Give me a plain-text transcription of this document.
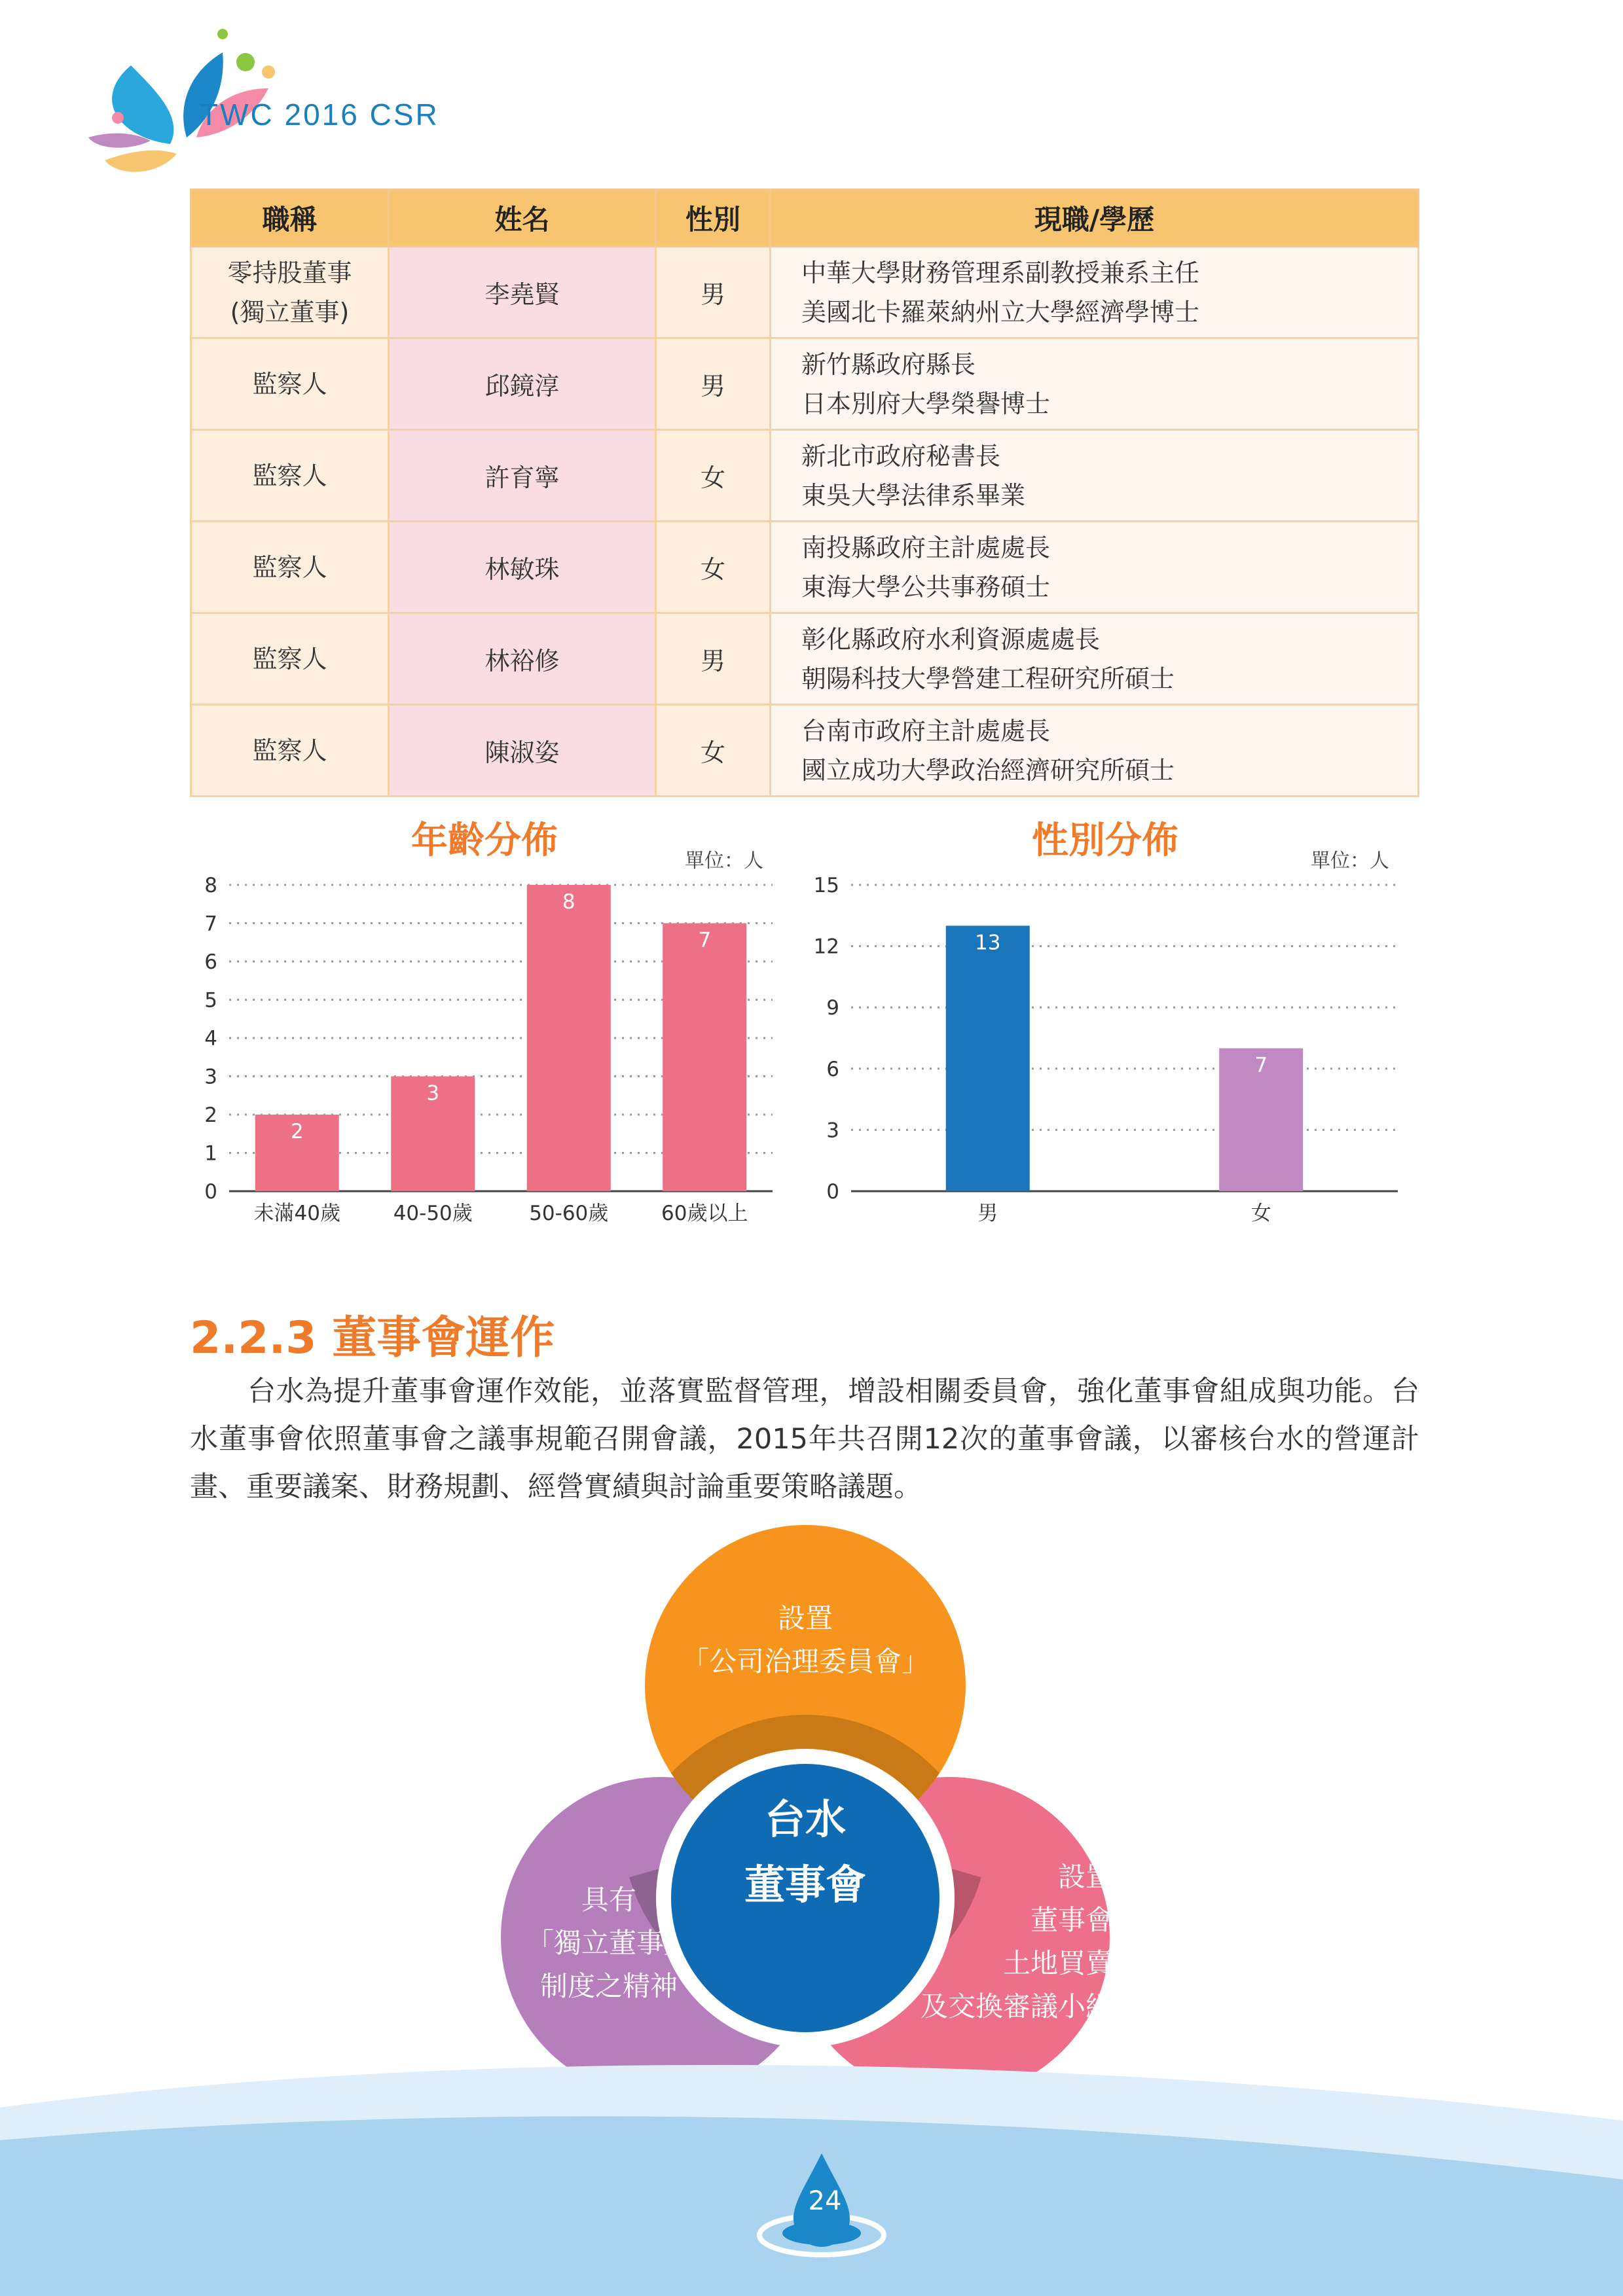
TWC 2016 CSR
職稱	姓名	性別	現職/學歷
零持股董事
(獨立董事)	李堯賢	男	中華大學財務管理系副教授兼系主任
美國北卡羅萊納州立大學經濟學博士
監察人	邱鏡淳	男	新竹縣政府縣長
日本別府大學榮譽博士
監察人	許育寧	女	新北市政府秘書長
東吳大學法律系畢業
監察人	林敏珠	女	南投縣政府主計處處長
東海大學公共事務碩士
監察人	林裕修	男	彰化縣政府水利資源處處長
朝陽科技大學營建工程研究所碩士
監察人	陳淑姿	女	台南市政府主計處處長
國立成功大學政治經濟研究所碩士
年齡分佈	單位：人
0
1
2
3
4
5
6
7
8
2
未滿40歲
3
40-50歲
8
50-60歲
7
60歲以上
性別分佈	單位：人
0
3
6
9
12
15
13
男
7
女
2.2.3 董事會運作
台水為提升董事會運作效能，並落實監督管理，增設相關委員會，強化董事會組成與功能。台水董事會依照董事會之議事規範召開會議，2015年共召開12次的董事會議，以審核台水的營運計畫、重要議案、財務規劃、經營實績與討論重要策略議題。
台水
董事會
設置
「公司治理委員會」
具有
「獨立董事」
制度之精神
設置
董事會
土地買賣
及交換審議小組
24
